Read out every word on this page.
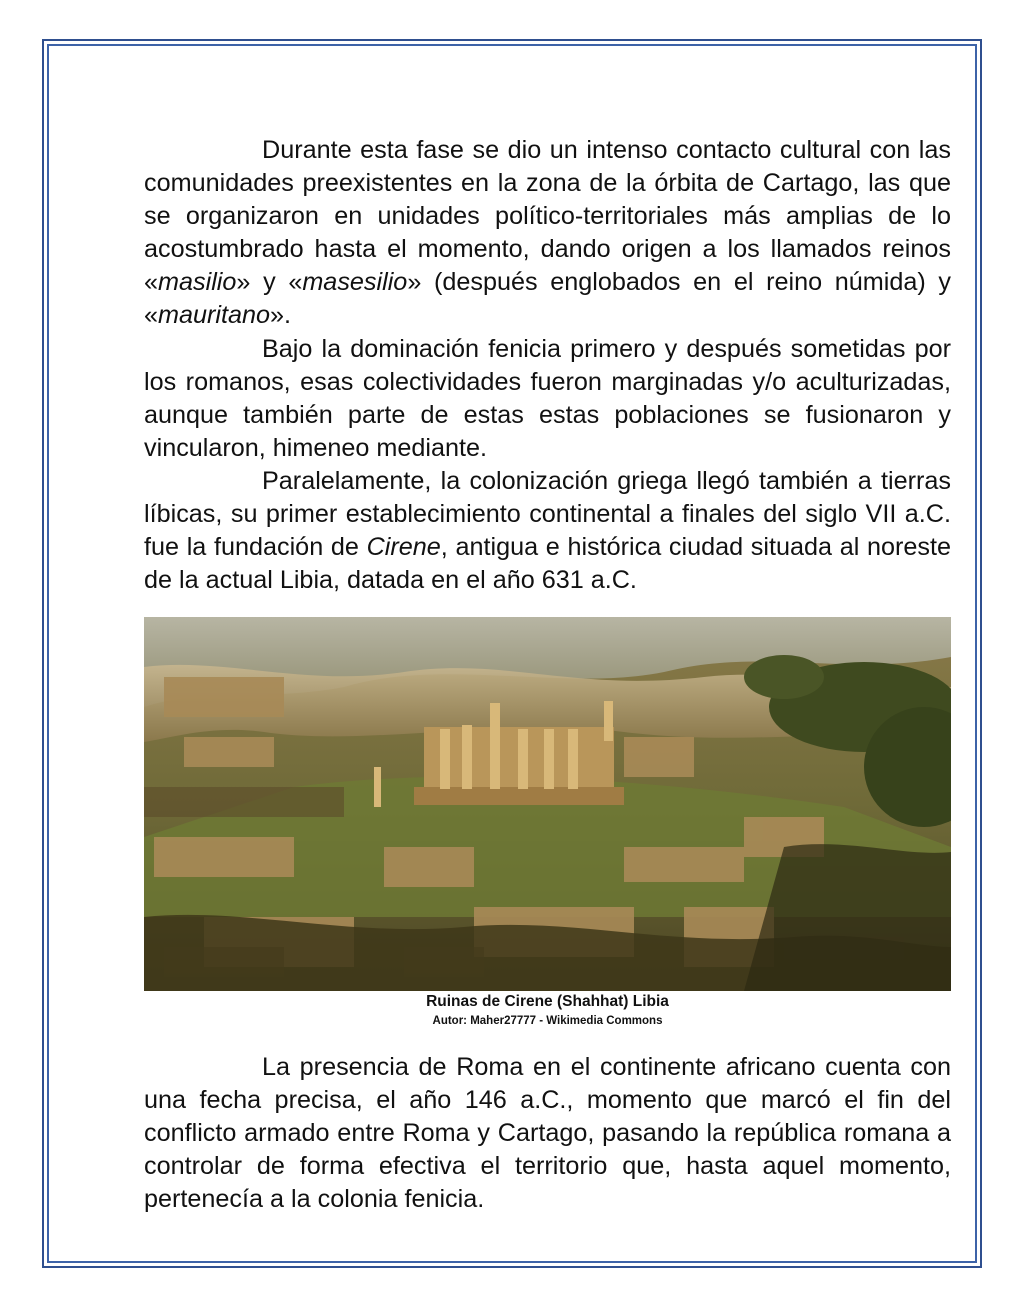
Durante esta fase se dio un intenso contacto cultural con las comunidades preexistentes en la zona de la órbita de Cartago, las que se organizaron en unidades político-territoriales más amplias de lo acostumbrado hasta el momento, dando origen a los llamados reinos «masilio» y «masesilio» (después englobados en el reino númida) y «mauritano».

Bajo la dominación fenicia primero y después sometidas por los romanos, esas colectividades fueron marginadas y/o aculturizadas, aunque también parte de estas estas poblaciones se fusionaron y vincularon, himeneo mediante.

Paralelamente, la colonización griega llegó también a tierras líbicas, su primer establecimiento continental a finales del siglo VII a.C. fue la fundación de Cirene, antigua e histórica ciudad situada al noreste de la actual Libia, datada en el año 631 a.C.

Ruinas de Cirene (Shahhat) Libia
Autor: Maher27777 - Wikimedia Commons

La presencia de Roma en el continente africano cuenta con una fecha precisa, el año 146 a.C., momento que marcó el fin del conflicto armado entre Roma y Cartago, pasando la república romana a controlar de forma efectiva el territorio que, hasta aquel momento, pertenecía a la colonia fenicia.
